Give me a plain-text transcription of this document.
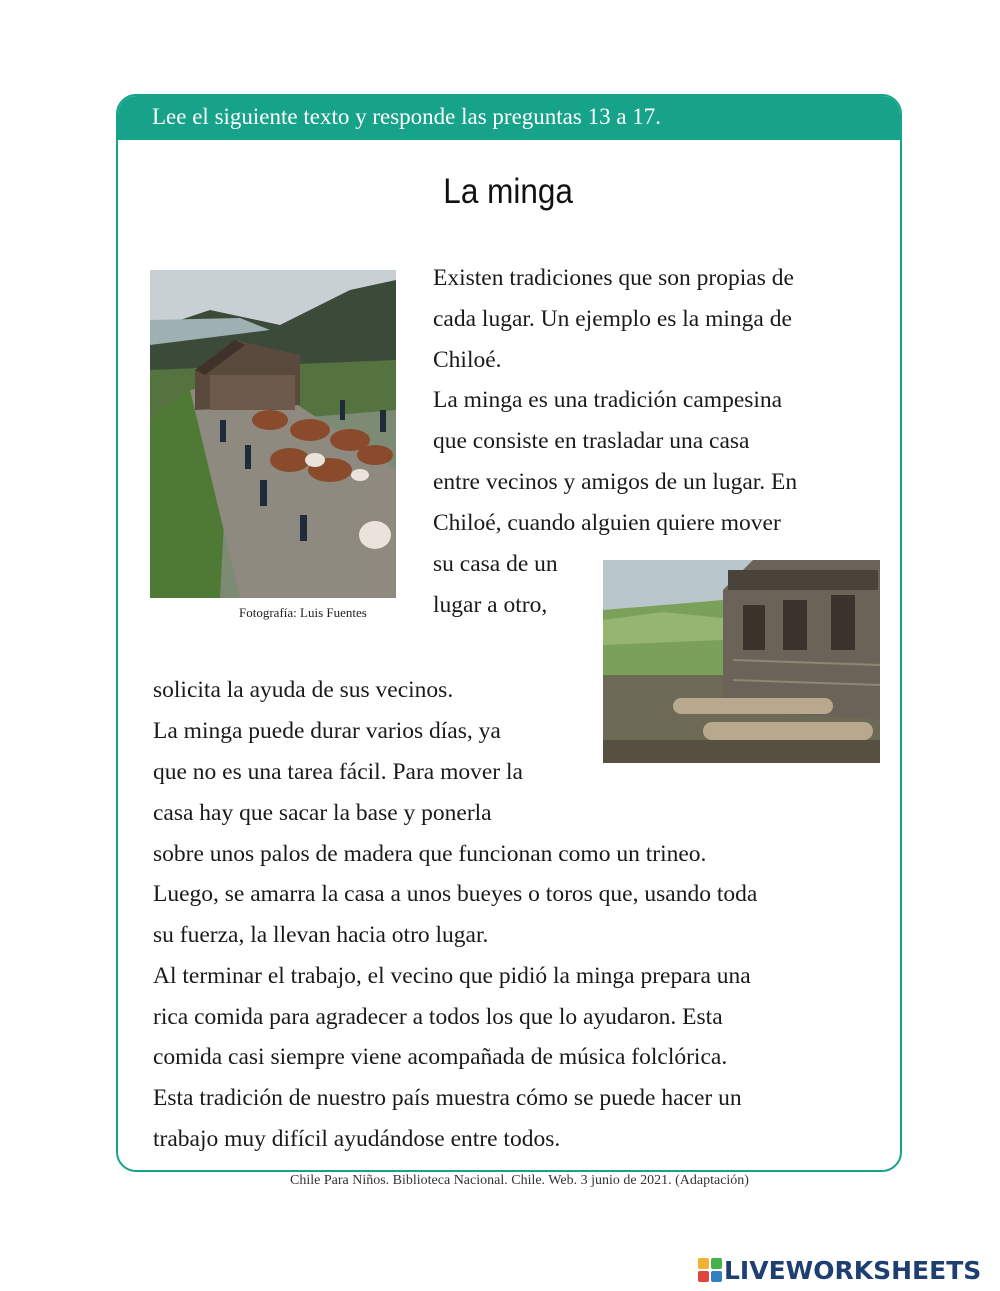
Lee el siguiente texto y responde las preguntas 13 a 17.
La minga
Fotografía: Luis Fuentes
Existen tradiciones que son propias de
cada lugar. Un ejemplo es la minga de
Chiloé.
La minga es una tradición campesina
que consiste en trasladar una casa
entre vecinos y amigos de un lugar. En
Chiloé, cuando alguien quiere mover
su casa de un
lugar a otro,
solicita la ayuda de sus vecinos.
La minga puede durar varios días, ya
que no es una tarea fácil. Para mover la
casa hay que sacar la base y ponerla
sobre unos palos de madera que funcionan como un trineo.
Luego, se amarra la casa a unos bueyes o toros que, usando toda
su fuerza, la llevan hacia otro lugar.
Al terminar el trabajo, el vecino que pidió la minga prepara una
rica comida para agradecer a todos los que lo ayudaron. Esta
comida casi siempre viene acompañada de música folclórica.
Esta tradición de nuestro país muestra cómo se puede hacer un
trabajo muy difícil ayudándose entre todos.
Chile Para Niños. Biblioteca Nacional. Chile. Web. 3 junio de 2021. (Adaptación)
LIVEWORKSHEETS
